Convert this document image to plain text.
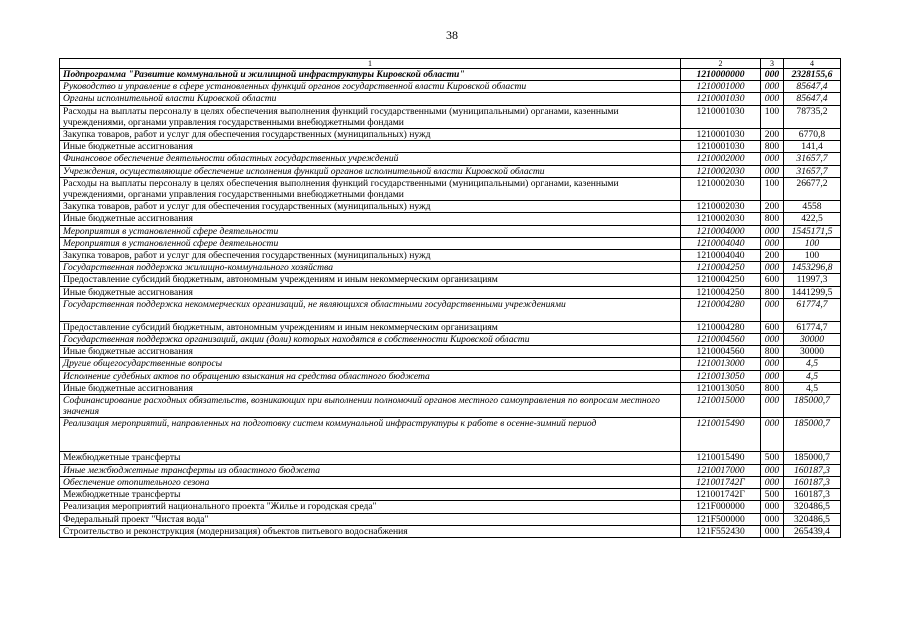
38
1	2	3	4
Подпрограмма "Развитие коммунальной и жилищной инфраструктуры Кировской области"	1210000000	000	2328155,6
Руководство и управление в сфере установленных функций органов государственной власти Кировской области	1210001000	000	85647,4
Органы исполнительной власти Кировской области	1210001030	000	85647,4
Расходы на выплаты персоналу в целях обеспечения выполнения функций государственными (муниципальными) органами, казенными учреждениями, органами управления государственными внебюджетными фондами	1210001030	100	78735,2
Закупка товаров, работ и услуг для обеспечения государственных (муниципальных) нужд	1210001030	200	6770,8
Иные бюджетные ассигнования	1210001030	800	141,4
Финансовое обеспечение деятельности областных государственных учреждений	1210002000	000	31657,7
Учреждения, осуществляющие обеспечение исполнения функций органов исполнительной власти Кировской области	1210002030	000	31657,7
Расходы на выплаты персоналу в целях обеспечения выполнения функций государственными (муниципальными) органами, казенными учреждениями, органами управления государственными внебюджетными фондами	1210002030	100	26677,2
Закупка товаров, работ и услуг для обеспечения государственных (муниципальных) нужд	1210002030	200	4558
Иные бюджетные ассигнования	1210002030	800	422,5
Мероприятия в установленной сфере деятельности	1210004000	000	1545171,5
Мероприятия в установленной сфере деятельности	1210004040	000	100
Закупка товаров, работ и услуг для обеспечения государственных (муниципальных) нужд	1210004040	200	100
Государственная поддержка жилищно-коммунального хозяйства	1210004250	000	1453296,8
Предоставление субсидий бюджетным, автономным учреждениям и иным некоммерческим организациям	1210004250	600	11997,3
Иные бюджетные ассигнования	1210004250	800	1441299,5
Государственная поддержка некоммерческих организаций, не являющихся областными государственными учреждениями	1210004280	000	61774,7
Предоставление субсидий бюджетным, автономным учреждениям и иным некоммерческим организациям	1210004280	600	61774,7
Государственная поддержка организаций, акции (доли) которых находятся в собственности Кировской области	1210004560	000	30000
Иные бюджетные ассигнования	1210004560	800	30000
Другие общегосударственные вопросы	1210013000	000	4,5
Исполнение судебных актов по обращению взыскания на средства областного бюджета	1210013050	000	4,5
Иные бюджетные ассигнования	1210013050	800	4,5
Софинансирование расходных обязательств, возникающих при выполнении полномочий органов местного самоуправления по вопросам местного значения	1210015000	000	185000,7
Реализация мероприятий, направленных на подготовку систем коммунальной инфраструктуры к работе в осенне-зимний период	1210015490	000	185000,7
Межбюджетные трансферты	1210015490	500	185000,7
Иные межбюджетные трансферты из областного бюджета	1210017000	000	160187,3
Обеспечение отопительного сезона	121001742Г	000	160187,3
Межбюджетные трансферты	121001742Г	500	160187,3
Реализация мероприятий национального проекта "Жилье и городская среда"	121F000000	000	320486,5
Федеральный проект "Чистая вода"	121F500000	000	320486,5
Строительство и реконструкция (модернизация) объектов питьевого водоснабжения	121F552430	000	265439,4
